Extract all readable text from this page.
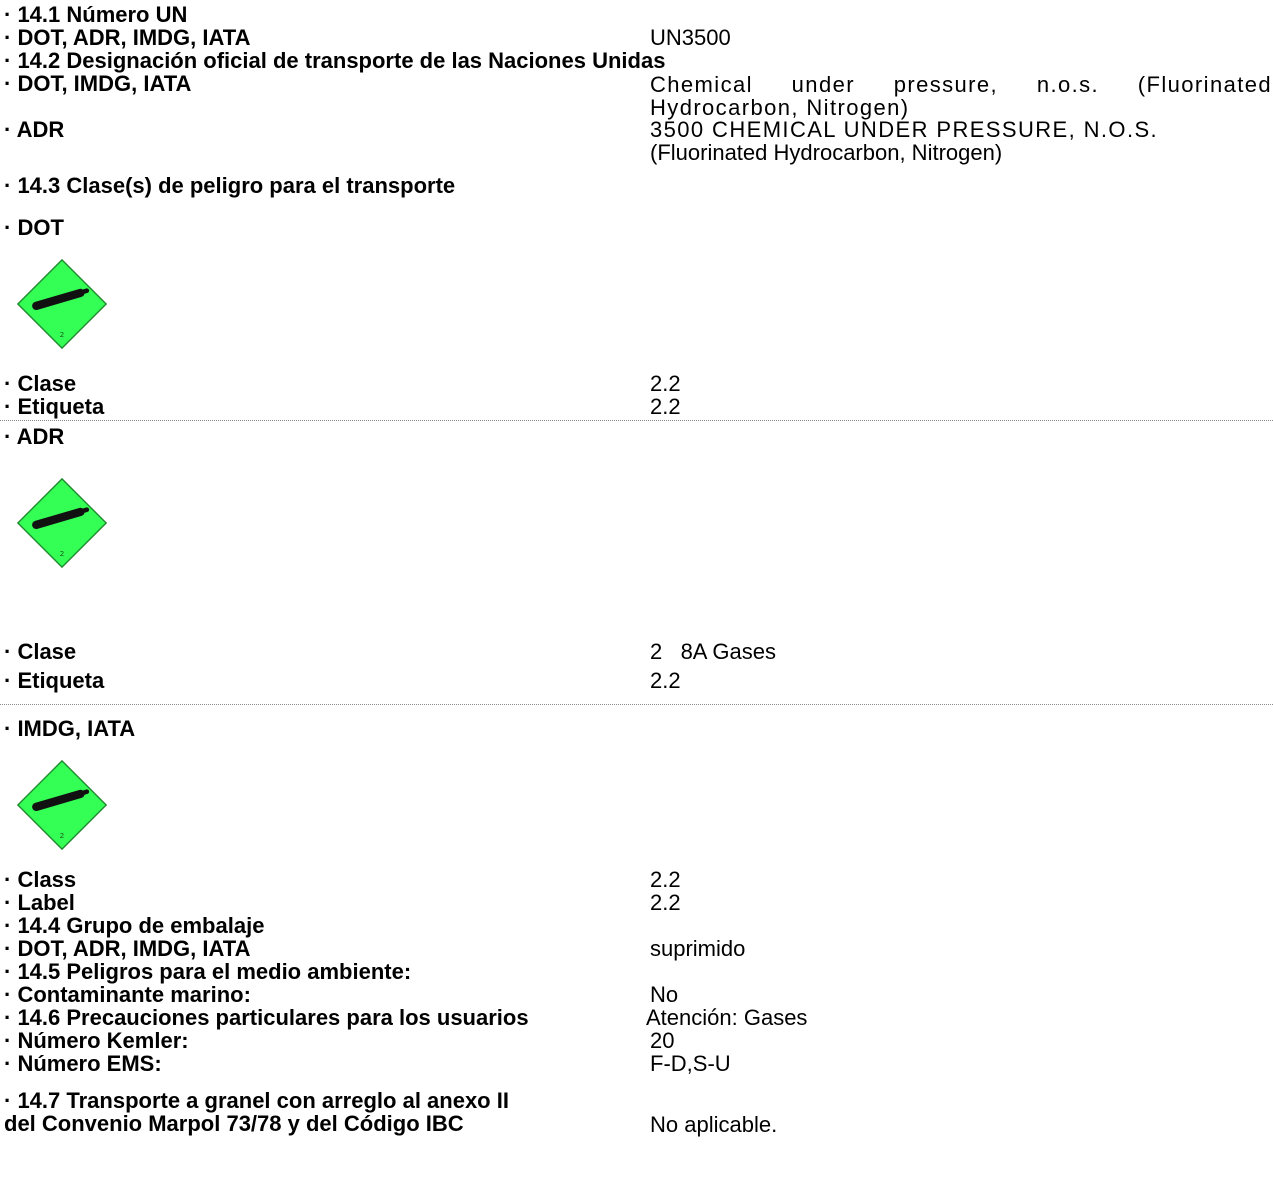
· 14.1 Número UN
· DOT, ADR, IMDG, IATA	UN3500
· 14.2 Designación oficial de transporte de las Naciones Unidas
· DOT, IMDG, IATA	Chemical under pressure, n.o.s. (Fluorinated Hydrocarbon, Nitrogen)
· ADR	3500 CHEMICAL UNDER PRESSURE, N.O.S.
(Fluorinated Hydrocarbon, Nitrogen)
· 14.3 Clase(s) de peligro para el transporte
· DOT
2
· Clase	2.2
· Etiqueta	2.2
· ADR
2
· Clase	2   8A Gases
· Etiqueta	2.2
· IMDG, IATA
2
· Class	2.2
· Label	2.2
· 14.4 Grupo de embalaje
· DOT, ADR, IMDG, IATA	suprimido
· 14.5 Peligros para el medio ambiente:
· Contaminante marino:	No
· 14.6 Precauciones particulares para los usuarios	Atención: Gases
· Número Kemler:	20
· Número EMS:	F-D,S-U
· 14.7 Transporte a granel con arreglo al anexo II
del Convenio Marpol 73/78 y del Código IBC	No aplicable.
